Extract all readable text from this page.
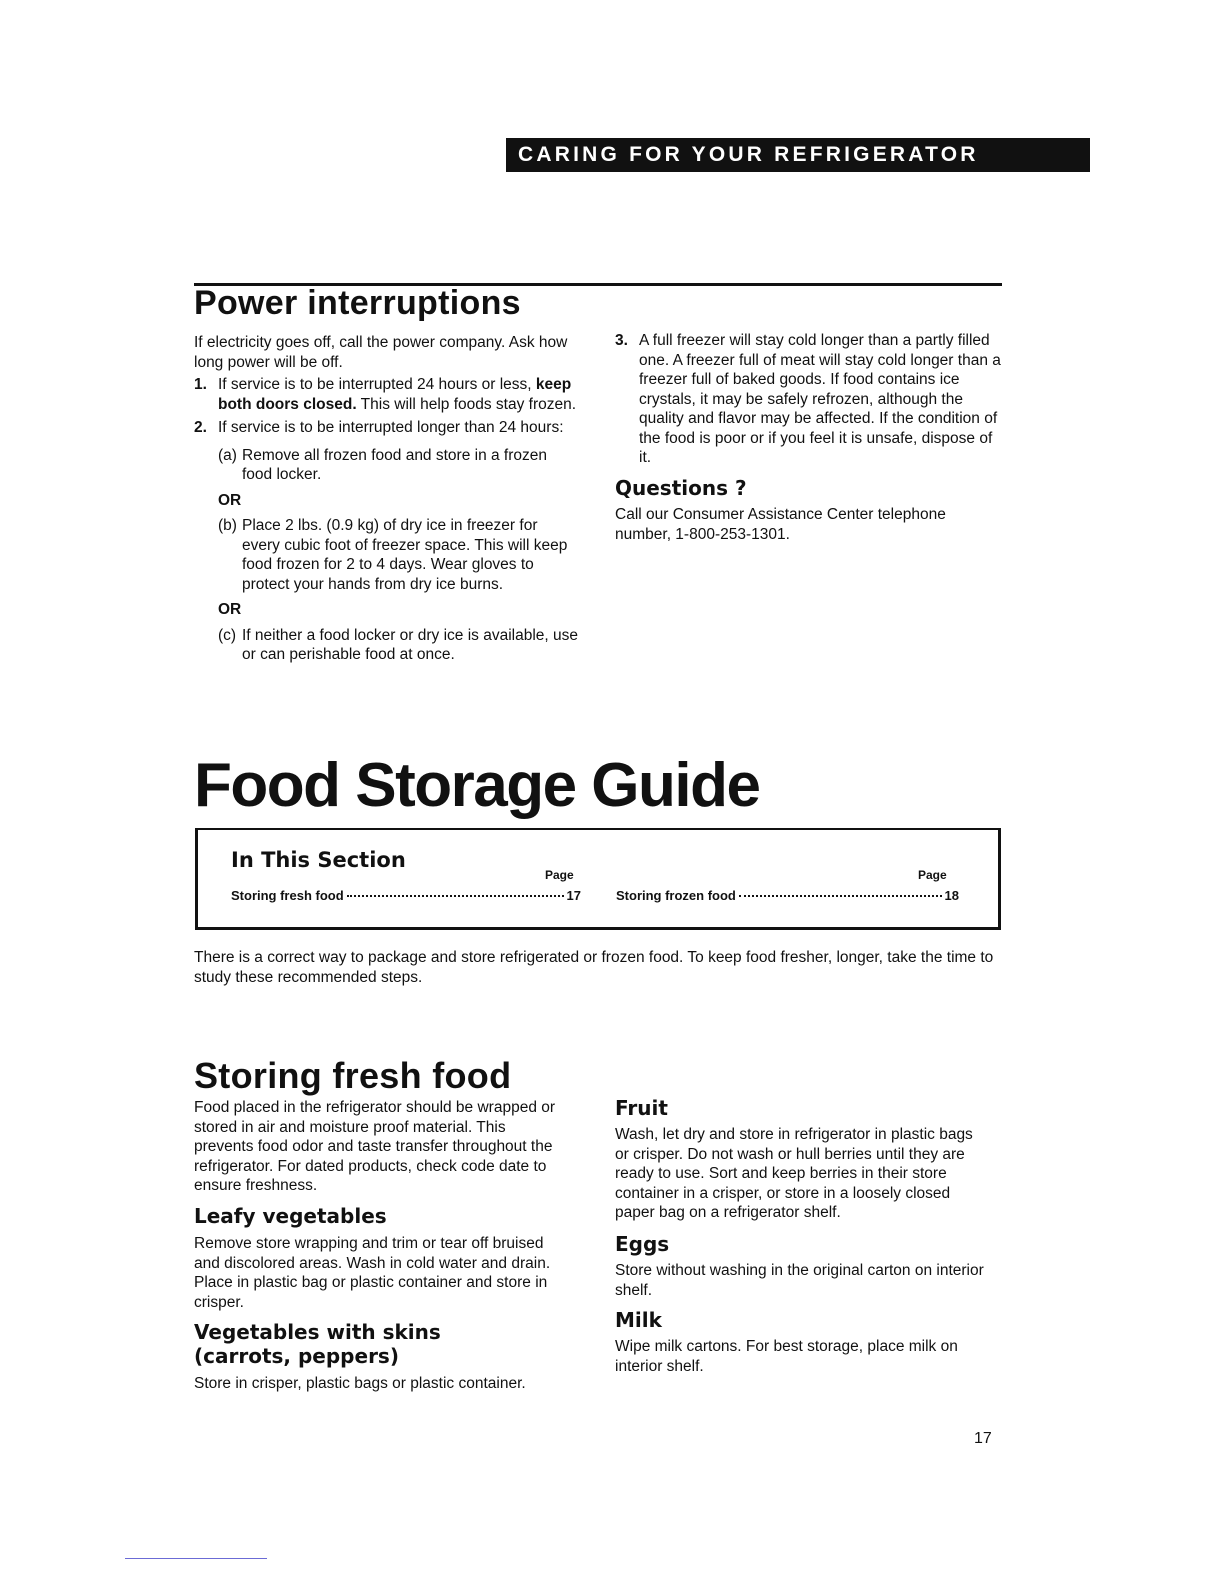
CARING FOR YOUR REFRIGERATOR
Power interruptions

If electricity goes off, call the power company. Ask how long power will be off.

1. If service is to be interrupted 24 hours or less, keep both doors closed. This will help foods stay frozen.
2. If service is to be interrupted longer than 24 hours:
(a) Remove all frozen food and store in a frozen food locker.
OR
(b) Place 2 lbs. (0.9 kg) of dry ice in freezer for every cubic foot of freezer space. This will keep food frozen for 2 to 4 days. Wear gloves to protect your hands from dry ice burns.
OR
(c) If neither a food locker or dry ice is available, use or can perishable food at once.
3. A full freezer will stay cold longer than a partly filled one. A freezer full of meat will stay cold longer than a freezer full of baked goods. If food contains ice crystals, it may be safely refrozen, although the quality and flavor may be affected. If the condition of the food is poor or if you feel it is unsafe, dispose of it.
Questions ?

Call our Consumer Assistance Center telephone number, 1-800-253-1301.

Food Storage Guide
In This Section
Page	Page
Storing fresh food	17	Storing frozen food	18

There is a correct way to package and store refrigerated or frozen food. To keep food fresher, longer, take the time to study these recommended steps.

Storing fresh food

Food placed in the refrigerator should be wrapped or stored in air and moisture proof material. This prevents food odor and taste transfer throughout the refrigerator. For dated products, check code date to ensure freshness.

Leafy vegetables

Remove store wrapping and trim or tear off bruised and discolored areas. Wash in cold water and drain. Place in plastic bag or plastic container and store in crisper.

Vegetables with skins
(carrots, peppers)

Store in crisper, plastic bags or plastic container.

Fruit

Wash, let dry and store in refrigerator in plastic bags or crisper. Do not wash or hull berries until they are ready to use. Sort and keep berries in their store container in a crisper, or store in a loosely closed paper bag on a refrigerator shelf.

Eggs

Store without washing in the original carton on interior shelf.

Milk

Wipe milk cartons. For best storage, place milk on interior shelf.

17
